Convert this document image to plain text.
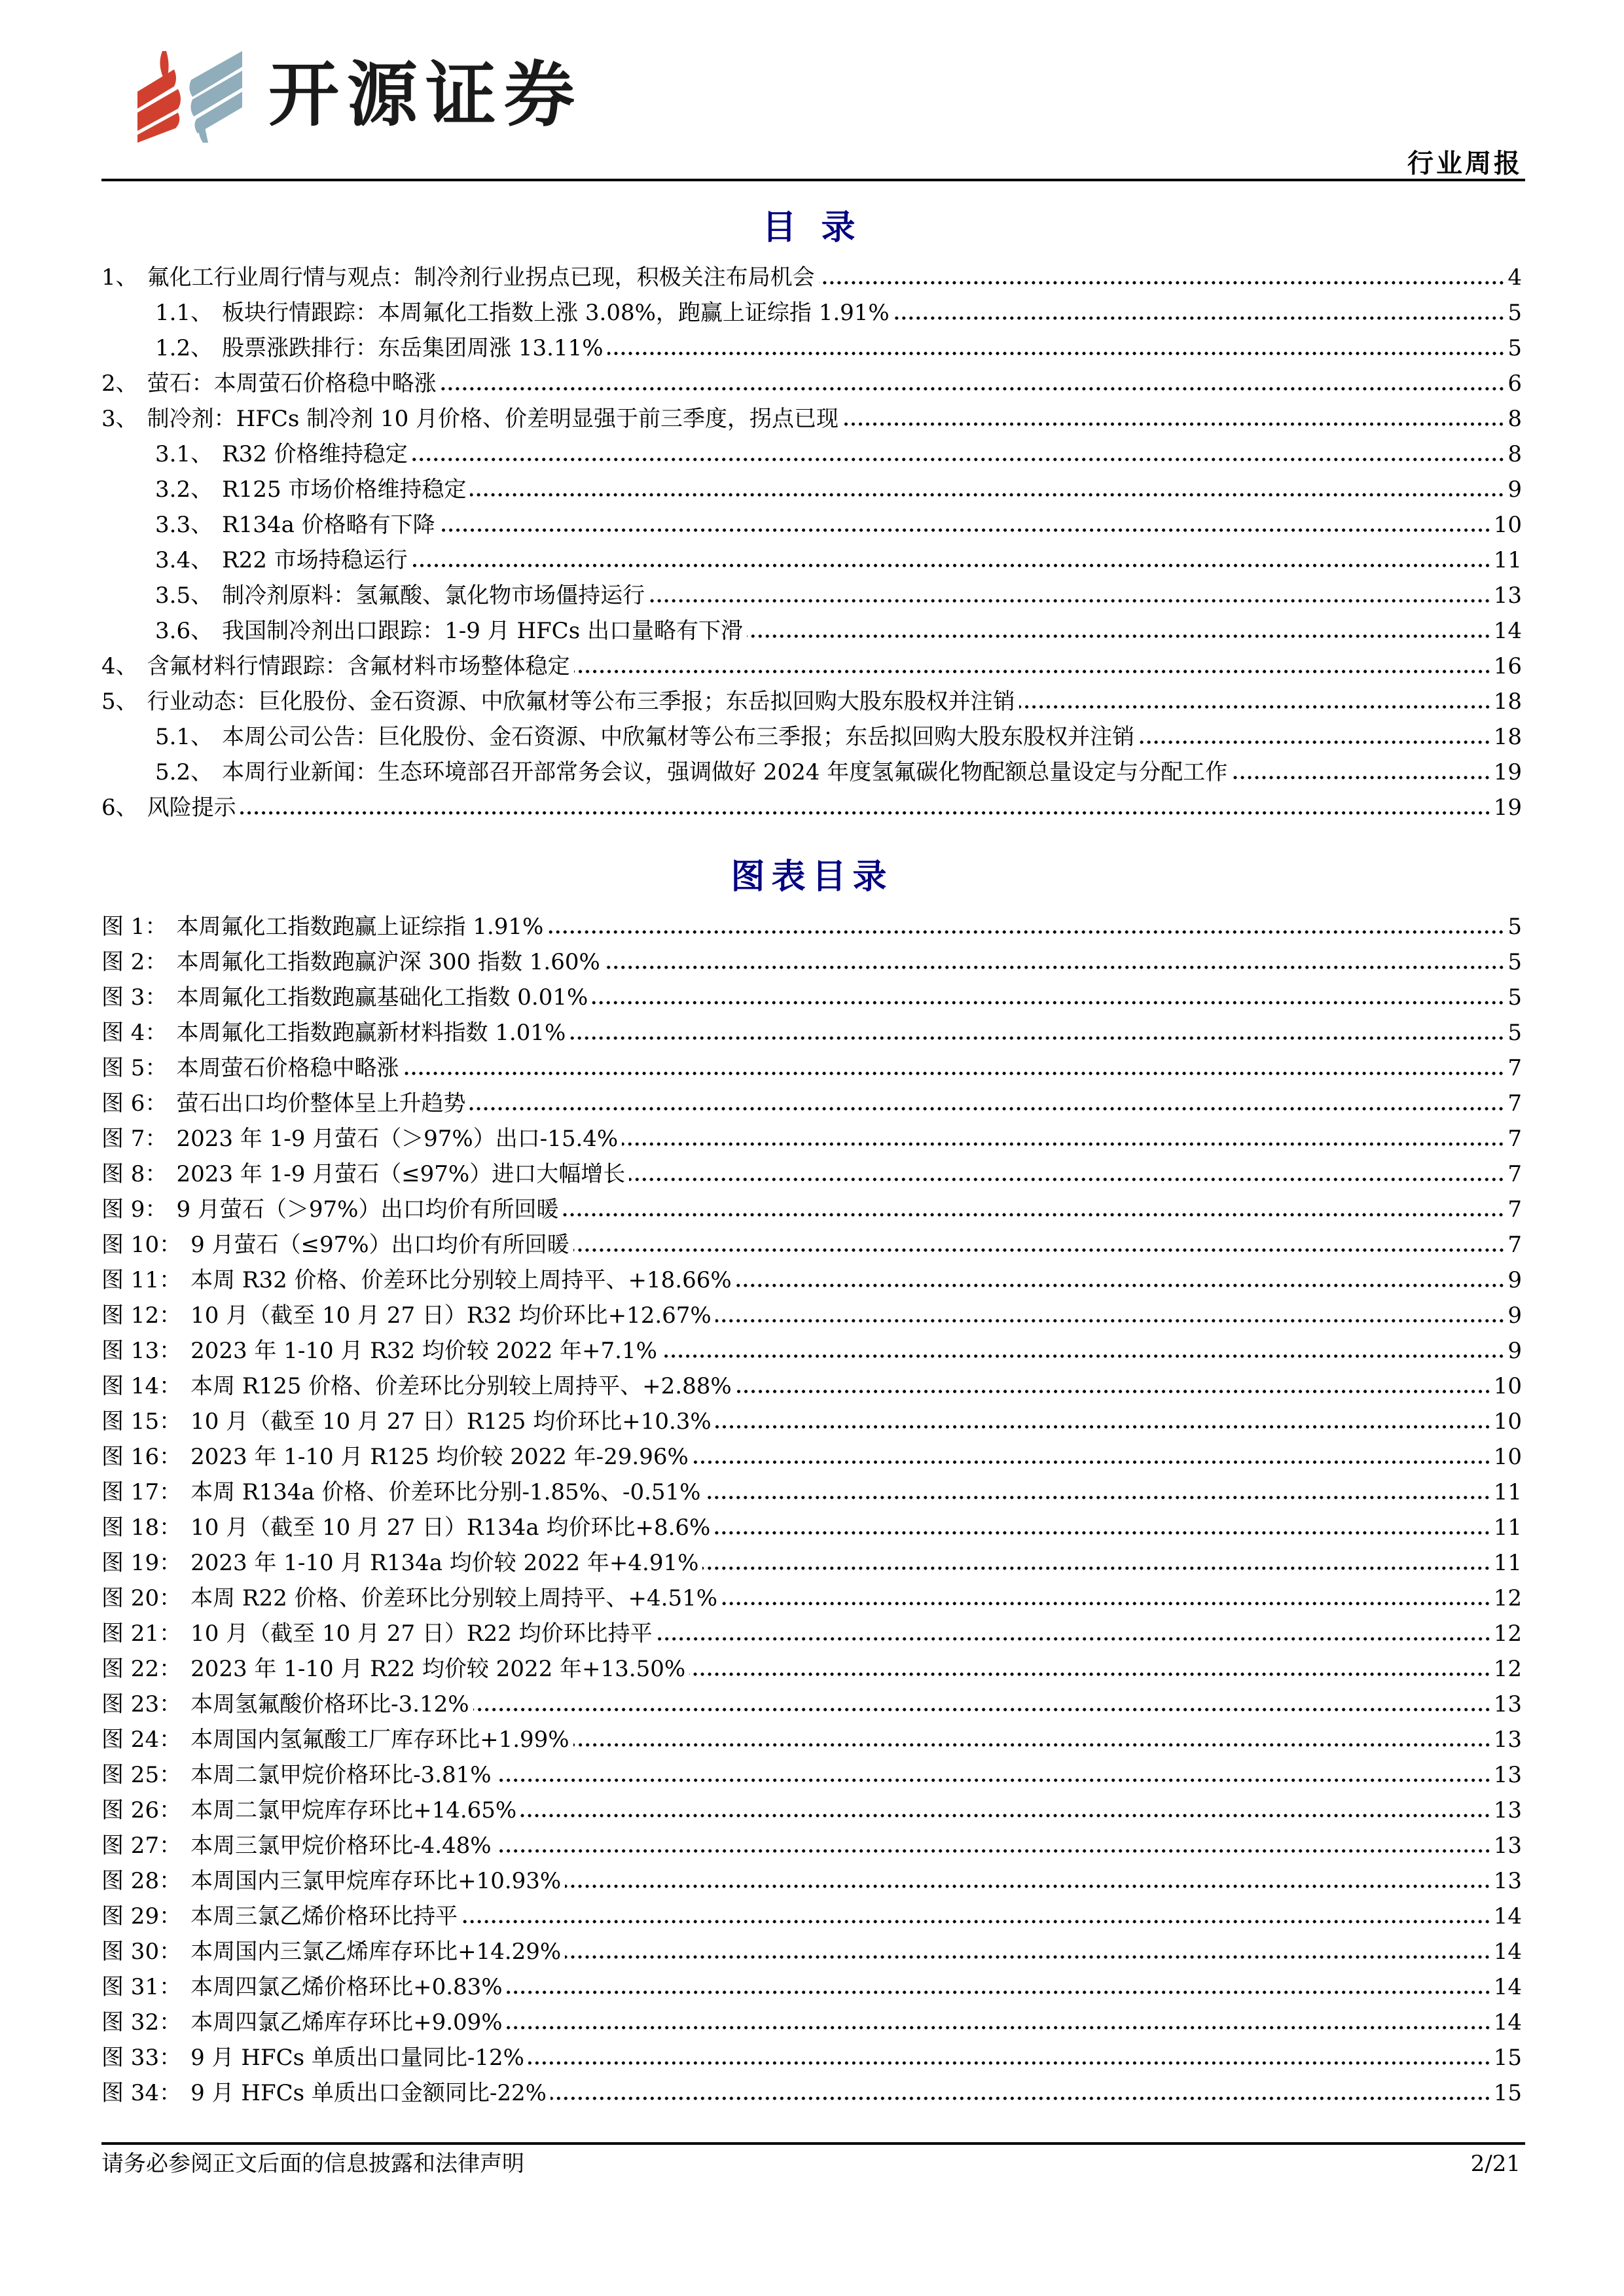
开源证券
行业周报
目 录
1、 氟化工行业周行情与观点：制冷剂行业拐点已现，积极关注布局机会	4
1.1、 板块行情跟踪：本周氟化工指数上涨 3.08%，跑赢上证综指 1.91%	5
1.2、 股票涨跌排行：东岳集团周涨 13.11%	5
2、 萤石：本周萤石价格稳中略涨	6
3、 制冷剂：HFCs 制冷剂 10 月价格、价差明显强于前三季度，拐点已现	8
3.1、 R32 价格维持稳定	8
3.2、 R125 市场价格维持稳定	9
3.3、 R134a 价格略有下降	10
3.4、 R22 市场持稳运行	11
3.5、 制冷剂原料：氢氟酸、氯化物市场僵持运行	13
3.6、 我国制冷剂出口跟踪：1-9 月 HFCs 出口量略有下滑	14
4、 含氟材料行情跟踪：含氟材料市场整体稳定	16
5、 行业动态：巨化股份、金石资源、中欣氟材等公布三季报；东岳拟回购大股东股权并注销	18
5.1、 本周公司公告：巨化股份、金石资源、中欣氟材等公布三季报；东岳拟回购大股东股权并注销	18
5.2、 本周行业新闻：生态环境部召开部常务会议，强调做好 2024 年度氢氟碳化物配额总量设定与分配工作	19
6、 风险提示	19
图表目录
图 1： 本周氟化工指数跑赢上证综指 1.91%	5
图 2： 本周氟化工指数跑赢沪深 300 指数 1.60%	5
图 3： 本周氟化工指数跑赢基础化工指数 0.01%	5
图 4： 本周氟化工指数跑赢新材料指数 1.01%	5
图 5： 本周萤石价格稳中略涨	7
图 6： 萤石出口均价整体呈上升趋势	7
图 7： 2023 年 1-9 月萤石（＞97%）出口-15.4%	7
图 8： 2023 年 1-9 月萤石（≤97%）进口大幅增长	7
图 9： 9 月萤石（＞97%）出口均价有所回暖	7
图 10： 9 月萤石（≤97%）出口均价有所回暖	7
图 11： 本周 R32 价格、价差环比分别较上周持平、+18.66%	9
图 12： 10 月（截至 10 月 27 日）R32 均价环比+12.67%	9
图 13： 2023 年 1-10 月 R32 均价较 2022 年+7.1%	9
图 14： 本周 R125 价格、价差环比分别较上周持平、+2.88%	10
图 15： 10 月（截至 10 月 27 日）R125 均价环比+10.3%	10
图 16： 2023 年 1-10 月 R125 均价较 2022 年-29.96%	10
图 17： 本周 R134a 价格、价差环比分别-1.85%、-0.51%	11
图 18： 10 月（截至 10 月 27 日）R134a 均价环比+8.6%	11
图 19： 2023 年 1-10 月 R134a 均价较 2022 年+4.91%	11
图 20： 本周 R22 价格、价差环比分别较上周持平、+4.51%	12
图 21： 10 月（截至 10 月 27 日）R22 均价环比持平	12
图 22： 2023 年 1-10 月 R22 均价较 2022 年+13.50%	12
图 23： 本周氢氟酸价格环比-3.12%	13
图 24： 本周国内氢氟酸工厂库存环比+1.99%	13
图 25： 本周二氯甲烷价格环比-3.81%	13
图 26： 本周二氯甲烷库存环比+14.65%	13
图 27： 本周三氯甲烷价格环比-4.48%	13
图 28： 本周国内三氯甲烷库存环比+10.93%	13
图 29： 本周三氯乙烯价格环比持平	14
图 30： 本周国内三氯乙烯库存环比+14.29%	14
图 31： 本周四氯乙烯价格环比+0.83%	14
图 32： 本周四氯乙烯库存环比+9.09%	14
图 33： 9 月 HFCs 单质出口量同比-12%	15
图 34： 9 月 HFCs 单质出口金额同比-22%	15
请务必参阅正文后面的信息披露和法律声明	2/21
